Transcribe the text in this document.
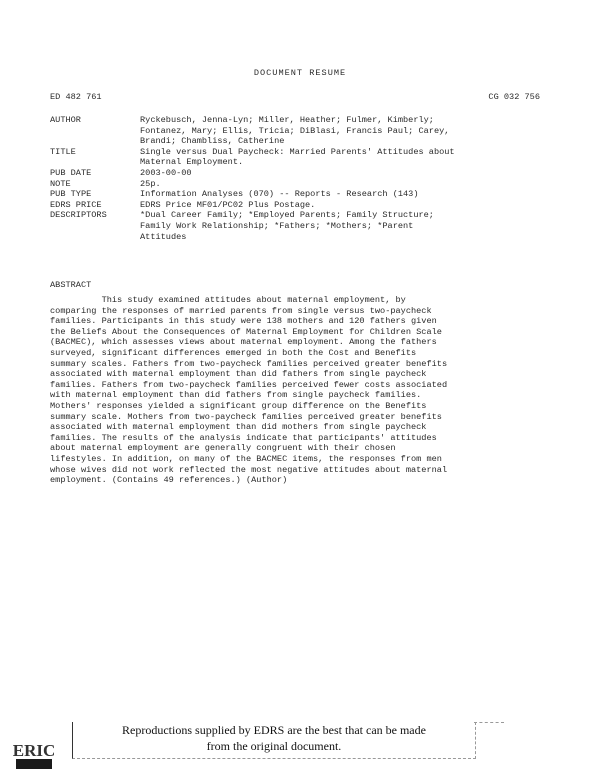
DOCUMENT RESUME
ED 482 761	CG 032 756
AUTHOR	Ryckebusch, Jenna-Lyn; Miller, Heather; Fulmer, Kimberly;
Fontanez, Mary; Ellis, Tricia; DiBlasi, Francis Paul; Carey,
Brandi; Chambliss, Catherine
TITLE	Single versus Dual Paycheck: Married Parents' Attitudes about
Maternal Employment.
PUB DATE	2003-00-00
NOTE	25p.
PUB TYPE	Information Analyses (070) -- Reports - Research (143)
EDRS PRICE	EDRS Price MF01/PC02 Plus Postage.
DESCRIPTORS	*Dual Career Family; *Employed Parents; Family Structure;
Family Work Relationship; *Fathers; *Mothers; *Parent
Attitudes
ABSTRACT
This study examined attitudes about maternal employment, by
comparing the responses of married parents from single versus two-paycheck
families. Participants in this study were 138 mothers and 120 fathers given
the Beliefs About the Consequences of Maternal Employment for Children Scale
(BACMEC), which assesses views about maternal employment. Among the fathers
surveyed, significant differences emerged in both the Cost and Benefits
summary scales. Fathers from two-paycheck families perceived greater benefits
associated with maternal employment than did fathers from single paycheck
families. Fathers from two-paycheck families perceived fewer costs associated
with maternal employment than did fathers from single paycheck families.
Mothers' responses yielded a significant group difference on the Benefits
summary scale. Mothers from two-paycheck families perceived greater benefits
associated with maternal employment than did mothers from single paycheck
families. The results of the analysis indicate that participants' attitudes
about maternal employment are generally congruent with their chosen
lifestyles. In addition, on many of the BACMEC items, the responses from men
whose wives did not work reflected the most negative attitudes about maternal
employment. (Contains 49 references.) (Author)
ERIC
Reproductions supplied by EDRS are the best that can be made
from the original document.
